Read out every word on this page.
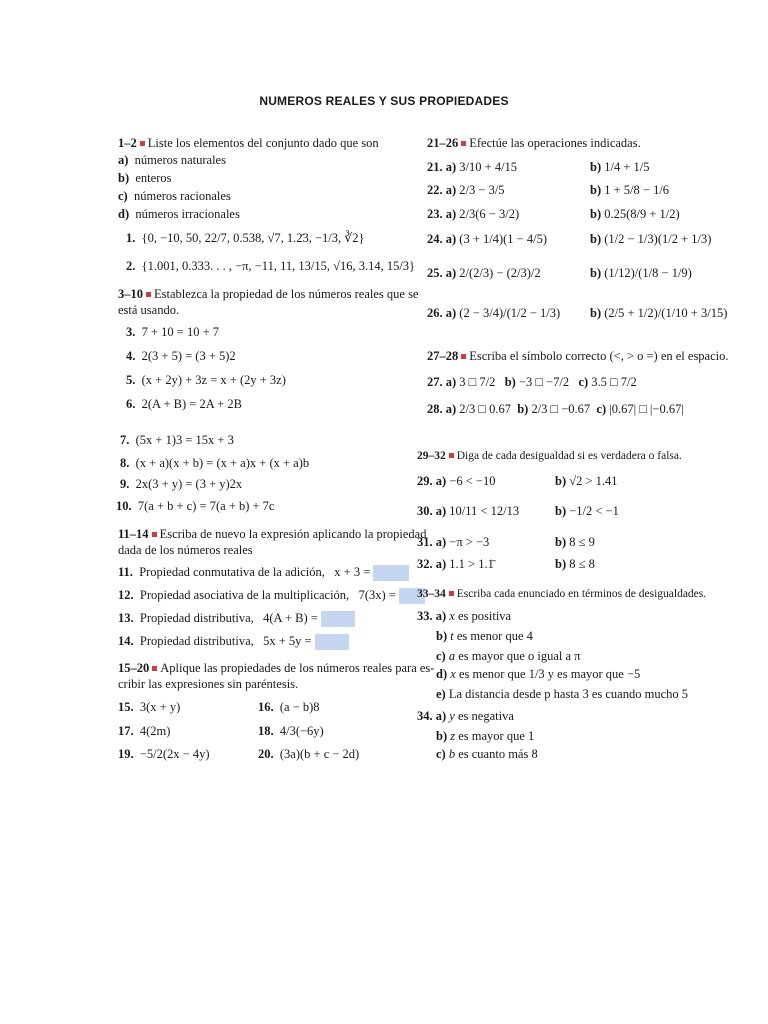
NUMEROS REALES Y SUS PROPIEDADES
1–2 Liste los elementos del conjunto dado que son
a) números naturales
b) enteros
c) números racionales
d) números irracionales
1. {0, −10, 50, 22/7, 0.538, √7, 1.2̄3, −1/3, ∛2}
2. {1.001, 0.333. . . , −π, −11, 11, 13/15, √16, 3.14, 15/3}
3–10 Establezca la propiedad de los números reales que se
está usando.
3. 7 + 10 = 10 + 7
4. 2(3 + 5) = (3 + 5)2
5. (x + 2y) + 3z = x + (2y + 3z)
6. 2(A + B) = 2A + 2B
7. (5x + 1)3 = 15x + 3
8. (x + a)(x + b) = (x + a)x + (x + a)b
9. 2x(3 + y) = (3 + y)2x
10. 7(a + b + c) = 7(a + b) + 7c
11–14 Escriba de nuevo la expresión aplicando la propiedad
dada de los números reales
11. Propiedad conmutativa de la adición, x + 3 =
12. Propiedad asociativa de la multiplicación, 7(3x) =
13. Propiedad distributiva, 4(A + B) =
14. Propiedad distributiva, 5x + 5y =
15–20 Aplique las propiedades de los números reales para es-
cribir las expresiones sin paréntesis.
15. 3(x + y)	16. (a − b)8
17. 4(2m)	18. 4/3(−6y)
19. −5/2(2x − 4y)	20. (3a)(b + c − 2d)
21–26 Efectúe las operaciones indicadas.
21. a) 3/10 + 4/15	b) 1/4 + 1/5
22. a) 2/3 − 3/5	b) 1 + 5/8 − 1/6
23. a) 2/3(6 − 3/2)	b) 0.25(8/9 + 1/2)
24. a) (3 + 1/4)(1 − 4/5)	b) (1/2 − 1/3)(1/2 + 1/3)
25. a) 2/(2/3) − (2/3)/2	b) (1/12)/(1/8 − 1/9)
26. a) (2 − 3/4)/(1/2 − 1/3) b) (2/5 + 1/2)/(1/10 + 3/15)
27–28 Escriba el símbolo correcto (<, > o =) en el espacio.
27. a) 3 □ 7/2 b) −3 □ −7/2 c) 3.5 □ 7/2
28. a) 2/3 □ 0.67 b) 2/3 □ −0.67 c) |0.67| □ |−0.67|
29–32 Diga de cada desigualdad si es verdadera o falsa.
29. a) −6 < −10	b) √2 > 1.41
30. a) 10/11 < 12/13	b) −1/2 < −1
31. a) −π > −3	b) 8 ≤ 9
32. a) 1.1 > 1.1̄	b) 8 ≤ 8
33–34 Escriba cada enunciado en términos de desigualdades.
33. a) x es positiva
b) t es menor que 4
c) a es mayor que o igual a π
d) x es menor que 1/3 y es mayor que −5
e) La distancia desde p hasta 3 es cuando mucho 5
34. a) y es negativa
b) z es mayor que 1
c) b es cuanto más 8
